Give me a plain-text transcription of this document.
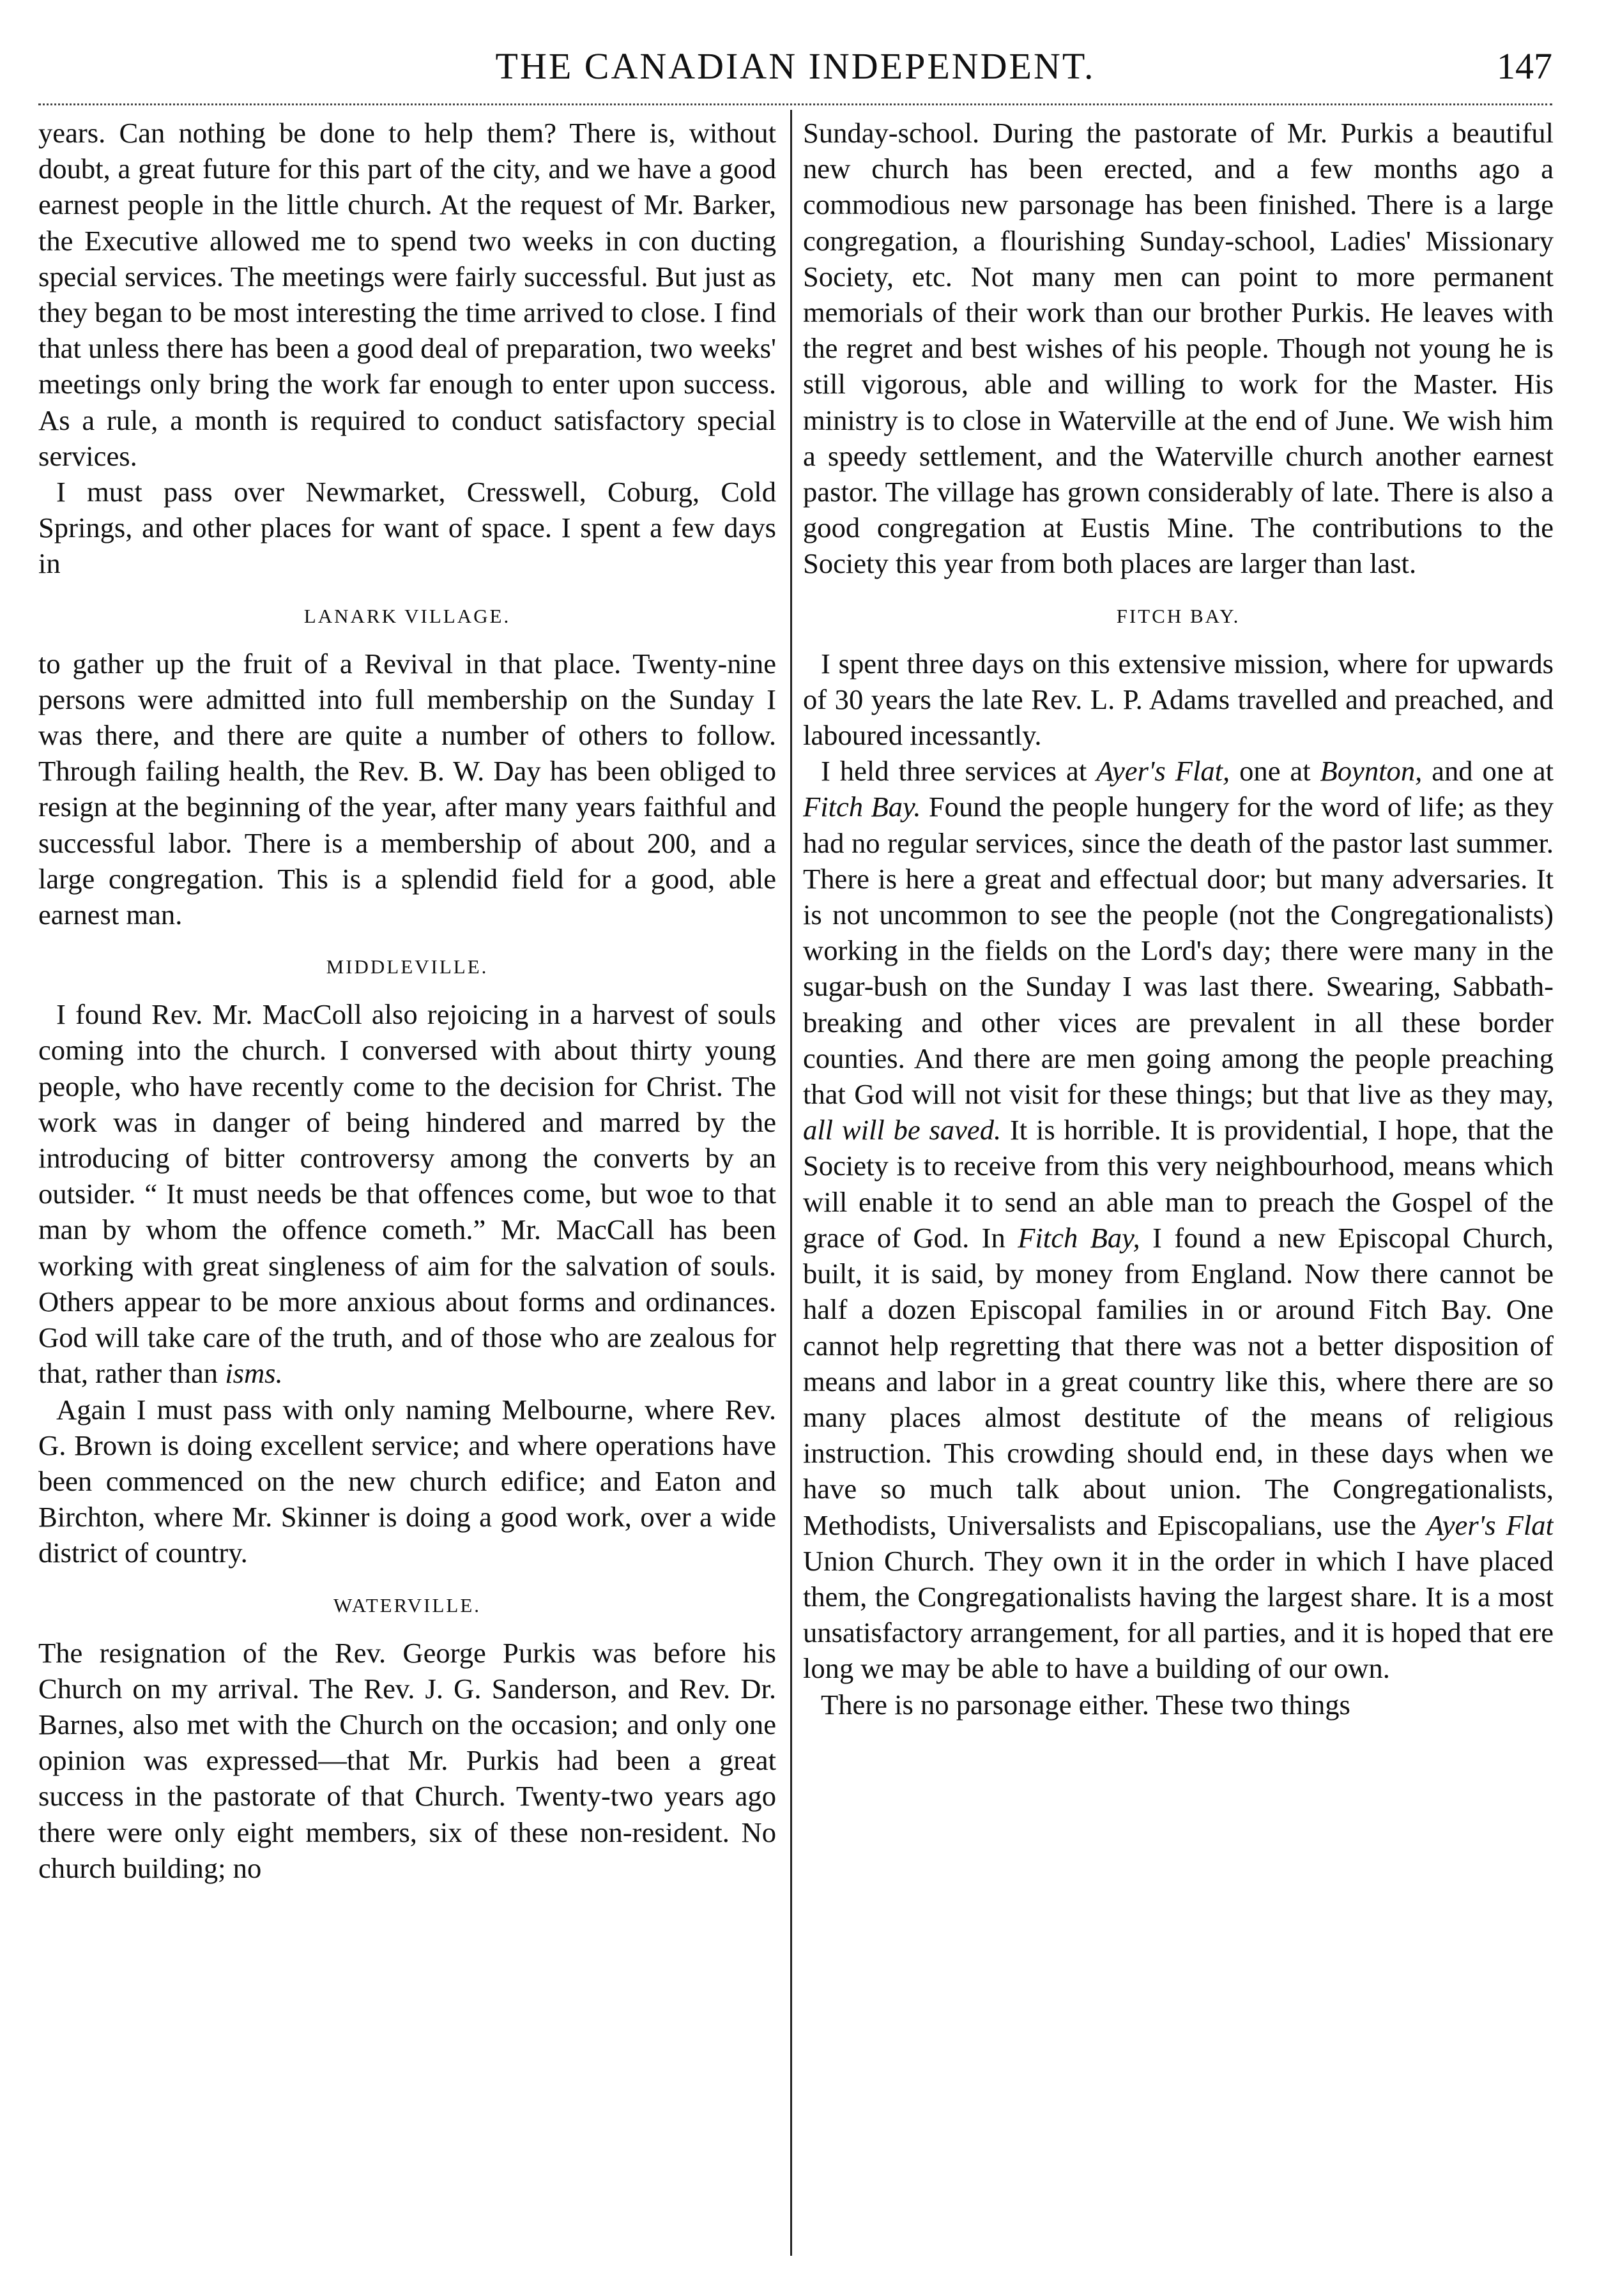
THE CANADIAN INDEPENDENT.	147

years. Can nothing be done to help them? There is, without doubt, a great future for this part of the city, and we have a good earnest people in the little church. At the request of Mr. Barker, the Executive allowed me to spend two weeks in con ducting special services. The meetings were fairly successful. But just as they began to be most interesting the time arrived to close. I find that unless there has been a good deal of preparation, two weeks' meetings only bring the work far enough to enter upon success. As a rule, a month is required to conduct satisfactory special services.

I must pass over Newmarket, Cresswell, Coburg, Cold Springs, and other places for want of space. I spent a few days in

LANARK VILLAGE.

to gather up the fruit of a Revival in that place. Twenty-nine persons were admitted into full membership on the Sunday I was there, and there are quite a number of others to follow. Through failing health, the Rev. B. W. Day has been obliged to resign at the beginning of the year, after many years faithful and successful labor. There is a membership of about 200, and a large congregation. This is a splendid field for a good, able earnest man.

MIDDLEVILLE.

I found Rev. Mr. MacColl also rejoicing in a harvest of souls coming into the church. I conversed with about thirty young people, who have recently come to the decision for Christ. The work was in danger of being hindered and marred by the introducing of bitter controversy among the converts by an outsider. “ It must needs be that offences come, but woe to that man by whom the offence cometh.” Mr. MacCall has been working with great singleness of aim for the salvation of souls. Others appear to be more anxious about forms and ordinances. God will take care of the truth, and of those who are zealous for that, rather than isms.

Again I must pass with only naming Melbourne, where Rev. G. Brown is doing excellent service; and where operations have been commenced on the new church edifice; and Eaton and Birchton, where Mr. Skinner is doing a good work, over a wide district of country.

WATERVILLE.

The resignation of the Rev. George Purkis was before his Church on my arrival. The Rev. J. G. Sanderson, and Rev. Dr. Barnes, also met with the Church on the occasion; and only one opinion was expressed—that Mr. Purkis had been a great success in the pastorate of that Church. Twenty-two years ago there were only eight members, six of these non-resident. No church building; no

Sunday-school. During the pastorate of Mr. Purkis a beautiful new church has been erected, and a few months ago a commodious new parsonage has been finished. There is a large congregation, a flourishing Sunday-school, Ladies' Missionary Society, etc. Not many men can point to more permanent memorials of their work than our brother Purkis. He leaves with the regret and best wishes of his people. Though not young he is still vigorous, able and willing to work for the Master. His ministry is to close in Waterville at the end of June. We wish him a speedy settlement, and the Waterville church another earnest pastor. The village has grown considerably of late. There is also a good congregation at Eustis Mine. The contributions to the Society this year from both places are larger than last.

FITCH BAY.

I spent three days on this extensive mission, where for upwards of 30 years the late Rev. L. P. Adams travelled and preached, and laboured incessantly.

I held three services at Ayer's Flat, one at Boynton, and one at Fitch Bay. Found the people hungery for the word of life; as they had no regular services, since the death of the pastor last summer. There is here a great and effectual door; but many adversaries. It is not uncommon to see the people (not the Congregationalists) working in the fields on the Lord's day; there were many in the sugar-bush on the Sunday I was last there. Swearing, Sabbath-breaking and other vices are prevalent in all these border counties. And there are men going among the people preaching that God will not visit for these things; but that live as they may, all will be saved. It is horrible. It is providential, I hope, that the Society is to receive from this very neighbourhood, means which will enable it to send an able man to preach the Gospel of the grace of God. In Fitch Bay, I found a new Episcopal Church, built, it is said, by money from England. Now there cannot be half a dozen Episcopal families in or around Fitch Bay. One cannot help regretting that there was not a better disposition of means and labor in a great country like this, where there are so many places almost destitute of the means of religious instruction. This crowding should end, in these days when we have so much talk about union. The Congregationalists, Methodists, Universalists and Episcopalians, use the Ayer's Flat Union Church. They own it in the order in which I have placed them, the Congregationalists having the largest share. It is a most unsatisfactory arrangement, for all parties, and it is hoped that ere long we may be able to have a building of our own.

There is no parsonage either. These two things
